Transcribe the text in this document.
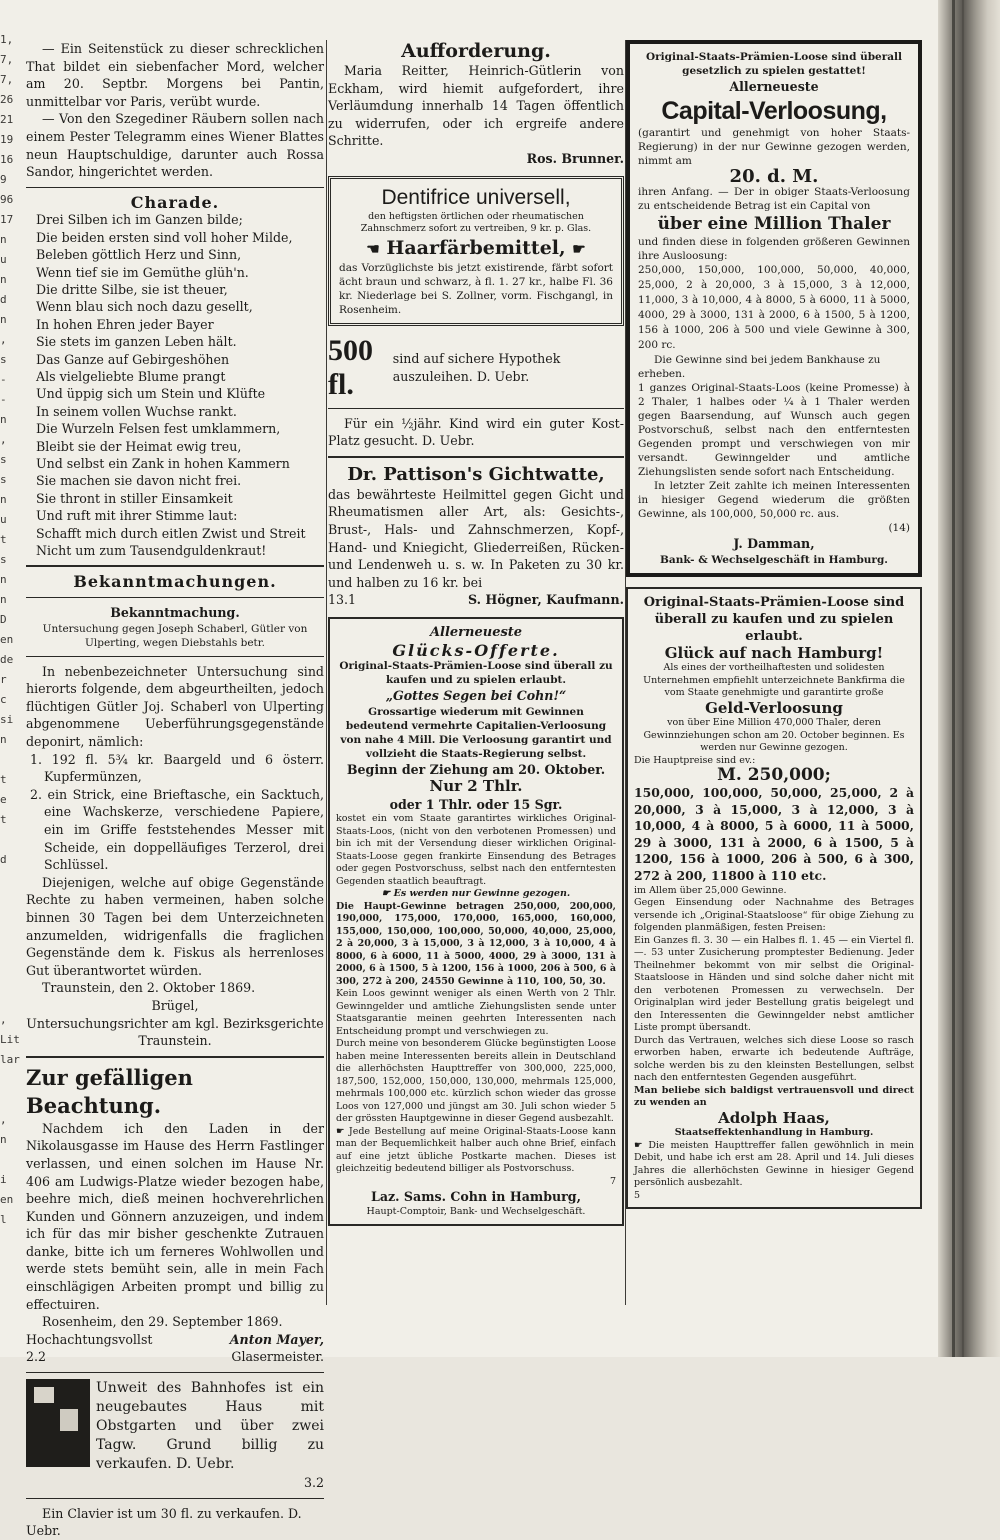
1,
7,
7,
26
21
19
16
9
96
17
n
u
n
d
n
,
s
-
-
n
,
s
s
n
u
t
s
n
n
D
en
de
r
c
si
n

t
e
t

d

,
Lit
lar

,
n

i
en
l

— Ein Seitenstück zu dieser schrecklichen That bildet ein siebenfacher Mord, welcher am 20. Septbr. Morgens bei Pantin, unmittelbar vor Paris, verübt wurde.

— Von den Szegediner Räubern sollen nach einem Pester Telegramm eines Wiener Blattes neun Hauptschuldige, darunter auch Rossa Sandor, hingerichtet werden.

Charade.

Drei Silben ich im Ganzen bilde;

Die beiden ersten sind voll hoher Milde,

Beleben göttlich Herz und Sinn,

Wenn tief sie im Gemüthe glüh'n.

Die dritte Silbe, sie ist theuer,

Wenn blau sich noch dazu gesellt,

In hohen Ehren jeder Bayer

Sie stets im ganzen Leben hält.

Das Ganze auf Gebirgeshöhen

Als vielgeliebte Blume prangt

Und üppig sich um Stein und Klüfte

In seinem vollen Wuchse rankt.

Die Wurzeln Felsen fest umklammern,

Bleibt sie der Heimat ewig treu,

Und selbst ein Zank in hohen Kammern

Sie machen sie davon nicht frei.

Sie thront in stiller Einsamkeit

Und ruft mit ihrer Stimme laut:

Schafft mich durch eitlen Zwist und Streit

Nicht um zum Tausendguldenkraut!

Bekanntmachungen.

Bekanntmachung.

Untersuchung gegen Joseph Schaberl, Gütler von Ulperting, wegen Diebstahls betr.

In nebenbezeichneter Untersuchung sind hierorts folgende, dem abgeurtheilten, jedoch flüchtigen Gütler Joj. Schaberl von Ulperting abgenommene Ueberführungsgegenstände deponirt, nämlich:

1. 192 fl. 5¾ kr. Baargeld und 6 österr. Kupfermünzen,

2. ein Strick, eine Brieftasche, ein Sacktuch, eine Wachskerze, verschiedene Papiere, ein im Griffe feststehendes Messer mit Scheide, ein doppelläufiges Terzerol, drei Schlüssel.

Diejenigen, welche auf obige Gegenstände Rechte zu haben vermeinen, haben solche binnen 30 Tagen bei dem Unterzeichneten anzumelden, widrigenfalls die fraglichen Gegenstände dem k. Fiskus als herrenloses Gut überantwortet würden.

Traunstein, den 2. Oktober 1869.

Brügel,

Untersuchungsrichter am kgl. Bezirksgerichte Traunstein.

Zur gefälligen Beachtung.

Nachdem ich den Laden in der Nikolausgasse im Hause des Herrn Fastlinger verlassen, und einen solchen im Hause Nr. 406 am Ludwigs-Platze wieder bezogen habe, beehre mich, dieß meinen hochverehrlichen Kunden und Gönnern anzuzeigen, und indem ich für das mir bisher geschenkte Zutrauen danke, bitte ich um ferneres Wohlwollen und werde stets bemüht sein, alle in mein Fach einschlägigen Arbeiten prompt und billig zu effectuiren.

Rosenheim, den 29. September 1869.

Hochachtungsvollst	Anton Mayer,
2.2	Glasermeister.

Unweit des Bahnhofes ist ein neugebautes Haus mit Obstgarten und über zwei Tagw. Grund billig zu verkaufen. D. Uebr.

3.2

Ein Clavier ist um 30 fl. zu verkaufen. D. Uebr.

Aufforderung.

Maria Reitter, Heinrich-Gütlerin von Eckham, wird hiemit aufgefordert, ihre Verläumdung innerhalb 14 Tagen öffentlich zu widerrufen, oder ich ergreife andere Schritte.

Ros. Brunner.

Dentifrice universell,

den heftigsten örtlichen oder rheumatischen Zahnschmerz sofort zu vertreiben, 9 kr. p. Glas.

☚ Haarfärbemittel, ☛

das Vorzüglichste bis jetzt existirende, färbt sofort ächt braun und schwarz, à fl. 1. 27 kr., halbe Fl. 36 kr. Niederlage bei S. Zollner, vorm. Fischgangl, in Rosenheim.

500 fl.

sind auf sichere Hypothek auszuleihen. D. Uebr.

Für ein ½jähr. Kind wird ein guter Kost-Platz gesucht. D. Uebr.

Dr. Pattison's Gichtwatte,

das bewährteste Heilmittel gegen Gicht und Rheumatismen aller Art, als: Gesichts-, Brust-, Hals- und Zahnschmerzen, Kopf-, Hand- und Kniegicht, Gliederreißen, Rücken- und Lendenweh u. s. w. In Paketen zu 30 kr. und halben zu 16 kr. bei

13.1	S. Högner, Kaufmann.

Allerneueste

Glücks-Offerte.

Original-Staats-Prämien-Loose sind überall zu kaufen und zu spielen erlaubt.

„Gottes Segen bei Cohn!“

Grossartige wiederum mit Gewinnen bedeutend vermehrte Capitalien-Verloosung von nahe 4 Mill. Die Verloosung garantirt und vollzieht die Staats-Regierung selbst.

Beginn der Ziehung am 20. Oktober.

Nur 2 Thlr.

oder 1 Thlr. oder 15 Sgr.

kostet ein vom Staate garantirtes wirkliches Original-Staats-Loos, (nicht von den verbotenen Promessen) und bin ich mit der Versendung dieser wirklichen Original-Staats-Loose gegen frankirte Einsendung des Betrages oder gegen Postvorschuss, selbst nach den entferntesten Gegenden staatlich beauftragt.

☛ Es werden nur Gewinne gezogen.

Die Haupt-Gewinne betragen 250,000, 200,000, 190,000, 175,000, 170,000, 165,000, 160,000, 155,000, 150,000, 100,000, 50,000, 40,000, 25,000, 2 à 20,000, 3 à 15,000, 3 à 12,000, 3 à 10,000, 4 à 8000, 6 à 6000, 11 à 5000, 4000, 29 à 3000, 131 à 2000, 6 à 1500, 5 à 1200, 156 à 1000, 206 à 500, 6 à 300, 272 à 200, 24550 Gewinne à 110, 100, 50, 30.

Kein Loos gewinnt weniger als einen Werth von 2 Thlr. Gewinngelder und amtliche Ziehungslisten sende unter Staatsgarantie meinen geehrten Interessenten nach Entscheidung prompt und verschwiegen zu.

Durch meine von besonderem Glücke begünstigten Loose haben meine Interessenten bereits allein in Deutschland die allerhöchsten Haupttreffer von 300,000, 225,000, 187,500, 152,000, 150,000, 130,000, mehrmals 125,000, mehrmals 100,000 etc. kürzlich schon wieder das grosse Loos von 127,000 und jüngst am 30. Juli schon wieder 5 der grössten Hauptgewinne in dieser Gegend ausbezahlt.

☛ Jede Bestellung auf meine Original-Staats-Loose kann man der Bequemlichkeit halber auch ohne Brief, einfach auf eine jetzt übliche Postkarte machen. Dieses ist gleichzeitig bedeutend billiger als Postvorschuss.

7

Laz. Sams. Cohn in Hamburg,

Haupt-Comptoir, Bank- und Wechselgeschäft.

Original-Staats-Prämien-Loose sind überall gesetzlich zu spielen gestattet!

Allerneueste

Capital-Verloosung,

(garantirt und genehmigt von hoher Staats-Regierung) in der nur Gewinne gezogen werden, nimmt am

20. d. M.

ihren Anfang. — Der in obiger Staats-Verloosung zu entscheidende Betrag ist ein Capital von

über eine Million Thaler

und finden diese in folgenden größeren Gewinnen ihre Ausloosung:

250,000, 150,000, 100,000, 50,000, 40,000, 25,000, 2 à 20,000, 3 à 15,000, 3 à 12,000, 11,000, 3 à 10,000, 4 à 8000, 5 à 6000, 11 à 5000, 4000, 29 à 3000, 131 à 2000, 6 à 1500, 5 à 1200, 156 à 1000, 206 à 500 und viele Gewinne à 300, 200 rc.

Die Gewinne sind bei jedem Bankhause zu erheben.

1 ganzes Original-Staats-Loos (keine Promesse) à 2 Thaler, 1 halbes oder ¼ à 1 Thaler werden gegen Baarsendung, auf Wunsch auch gegen Postvorschuß, selbst nach den entferntesten Gegenden prompt und verschwiegen von mir versandt. Gewinngelder und amtliche Ziehungslisten sende sofort nach Entscheidung.

In letzter Zeit zahlte ich meinen Interessenten in hiesiger Gegend wiederum die größten Gewinne, als 100,000, 50,000 rc. aus.

(14)

J. Damman,

Bank- & Wechselgeschäft in Hamburg.

Original-Staats-Prämien-Loose sind überall zu kaufen und zu spielen erlaubt.

Glück auf nach Hamburg!

Als eines der vortheilhaftesten und solidesten Unternehmen empfiehlt unterzeichnete Bankfirma die vom Staate genehmigte und garantirte große

Geld-Verloosung

von über Eine Million 470,000 Thaler, deren Gewinnziehungen schon am 20. October beginnen. Es werden nur Gewinne gezogen.

Die Hauptpreise sind ev.:

M. 250,000;

150,000, 100,000, 50,000, 25,000, 2 à 20,000, 3 à 15,000, 3 à 12,000, 3 à 10,000, 4 à 8000, 5 à 6000, 11 à 5000, 29 à 3000, 131 à 2000, 6 à 1500, 5 à 1200, 156 à 1000, 206 à 500, 6 à 300, 272 à 200, 11800 à 110 etc.

im Allem über 25,000 Gewinne.

Gegen Einsendung oder Nachnahme des Betrages versende ich „Original-Staatsloose“ für obige Ziehung zu folgenden planmäßigen, festen Preisen:

Ein Ganzes fl. 3. 30 — ein Halbes fl. 1. 45 — ein Viertel fl. —. 53 unter Zusicherung promptester Bedienung. Jeder Theilnehmer bekommt von mir selbst die Original-Staatsloose in Händen und sind solche daher nicht mit den verbotenen Promessen zu verwechseln. Der Originalplan wird jeder Bestellung gratis beigelegt und den Interessenten die Gewinngelder nebst amtlicher Liste prompt übersandt.

Durch das Vertrauen, welches sich diese Loose so rasch erworben haben, erwarte ich bedeutende Aufträge, solche werden bis zu den kleinsten Bestellungen, selbst nach den entferntesten Gegenden ausgeführt.

Man beliebe sich baldigst vertrauensvoll und direct zu wenden an

Adolph Haas,

Staatseffektenhandlung in Hamburg.

☛ Die meisten Haupttreffer fallen gewöhnlich in mein Debit, und habe ich erst am 28. April und 14. Juli dieses Jahres die allerhöchsten Gewinne in hiesiger Gegend persönlich ausbezahlt.

5
